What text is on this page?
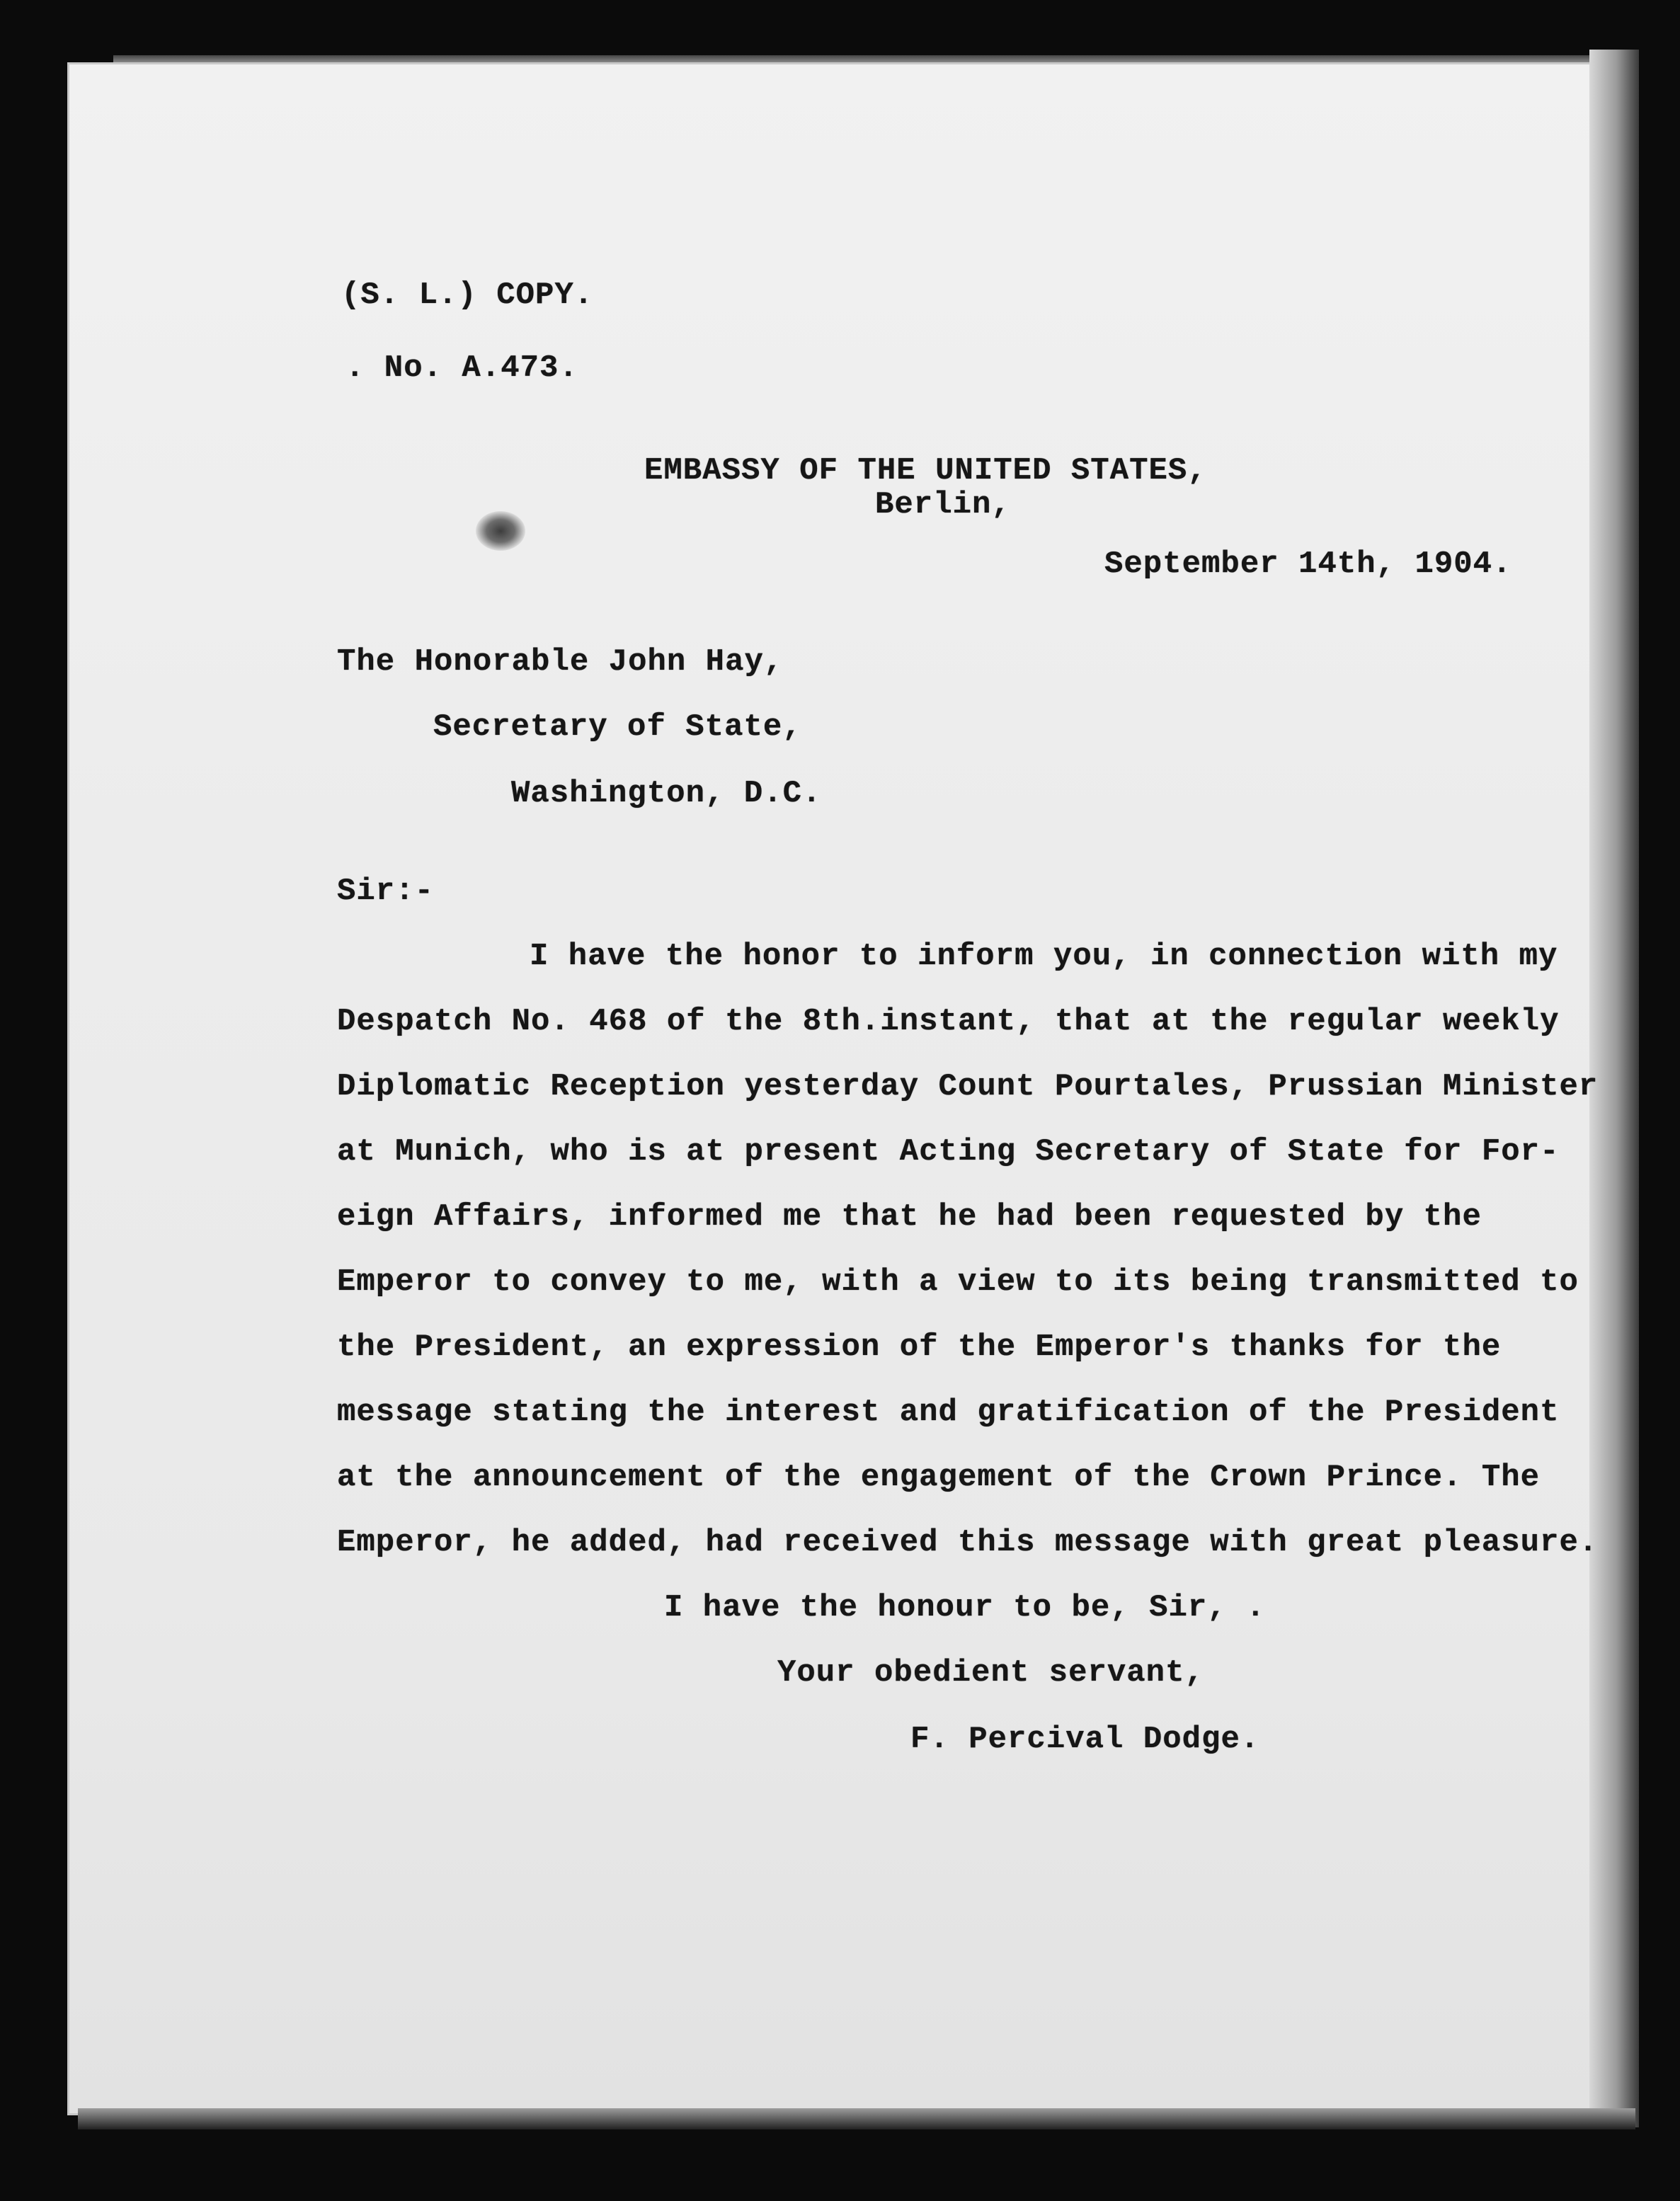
(S. L.) COPY.
. No. A.473.
EMBASSY OF THE UNITED STATES,
Berlin,
September 14th, 1904.
The Honorable John Hay,
Secretary of State,
Washington, D.C.
Sir:-
I have the honor to inform you, in connection with my
Despatch No. 468 of the 8th.instant, that at the regular weekly
Diplomatic Reception yesterday Count Pourtales, Prussian Minister
at Munich, who is at present Acting Secretary of State for For-
eign Affairs, informed me that he had been requested by the
Emperor to convey to me, with a view to its being transmitted to
the President, an expression of the Emperor's thanks for the
message stating the interest and gratification of the President
at the announcement of the engagement of the Crown Prince. The
Emperor, he added, had received this message with great pleasure.
I have the honour to be, Sir, .
Your obedient servant,
F. Percival Dodge.
